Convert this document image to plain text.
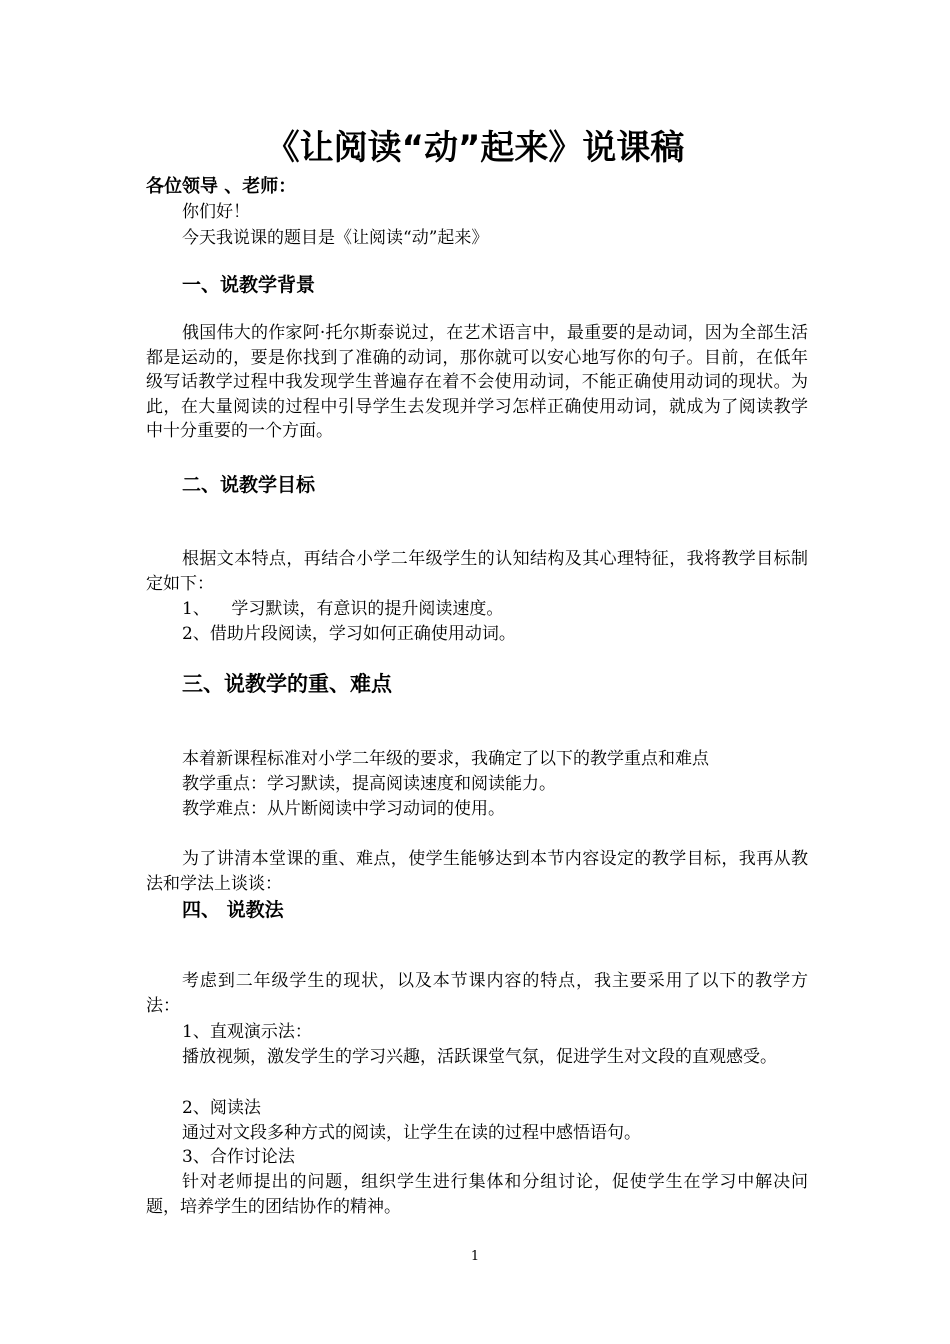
《让阅读“动”起来》说课稿
各位领导 、老师：
你们好！
今天我说课的题目是《让阅读“动”起来》
一、说教学背景
俄国伟大的作家阿·托尔斯泰说过，在艺术语言中，最重要的是动词，因为全部生活都是运动的，要是你找到了准确的动词，那你就可以安心地写你的句子。目前，在低年级写话教学过程中我发现学生普遍存在着不会使用动词，不能正确使用动词的现状。为此，在大量阅读的过程中引导学生去发现并学习怎样正确使用动词，就成为了阅读教学中十分重要的一个方面。
二、说教学目标
根据文本特点，再结合小学二年级学生的认知结构及其心理特征，我将教学目标制定如下：
1、    学习默读，有意识的提升阅读速度。
2、借助片段阅读，学习如何正确使用动词。
三、说教学的重、难点
本着新课程标准对小学二年级的要求，我确定了以下的教学重点和难点
教学重点：学习默读，提高阅读速度和阅读能力。
教学难点：从片断阅读中学习动词的使用。
为了讲清本堂课的重、难点，使学生能够达到本节内容设定的教学目标，我再从教法和学法上谈谈：
四、 说教法
考虑到二年级学生的现状，以及本节课内容的特点，我主要采用了以下的教学方法：
1、直观演示法：
播放视频，激发学生的学习兴趣，活跃课堂气氛，促进学生对文段的直观感受。
2、阅读法
通过对文段多种方式的阅读，让学生在读的过程中感悟语句。
3、合作讨论法
针对老师提出的问题，组织学生进行集体和分组讨论，促使学生在学习中解决问题，培养学生的团结协作的精神。
1
